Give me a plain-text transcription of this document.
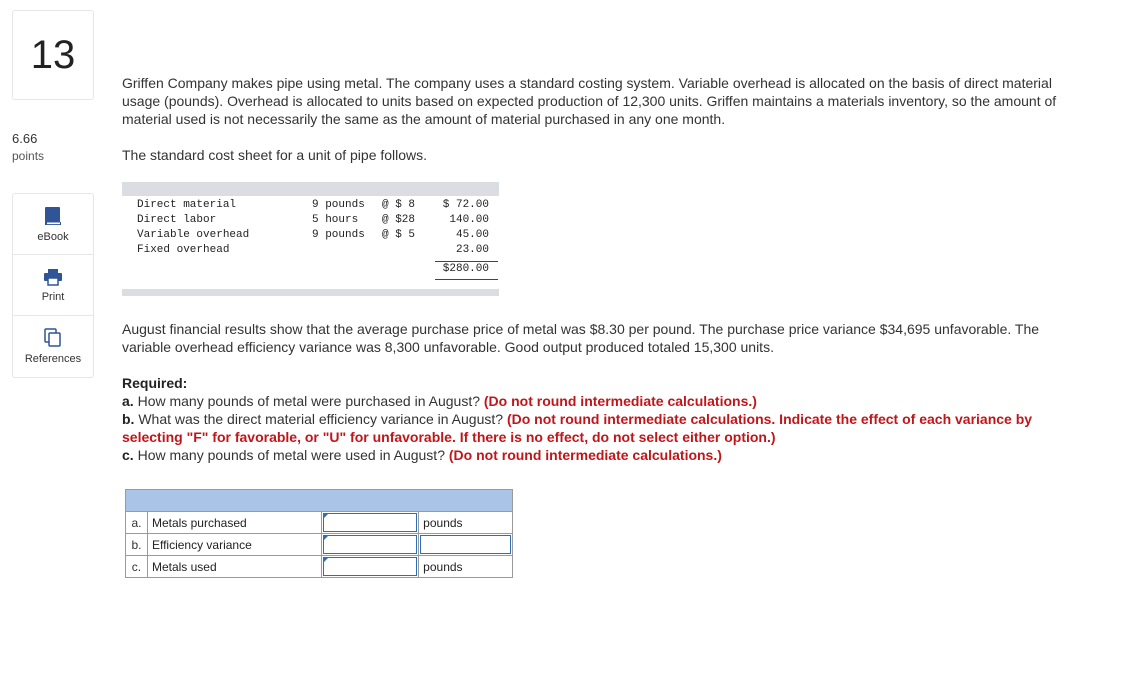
13
6.66
points
eBook
Print
References

Griffen Company makes pipe using metal. The company uses a standard costing system. Variable overhead is allocated on the basis of direct material usage (pounds). Overhead is allocated to units based on expected production of 12,300 units. Griffen maintains a materials inventory, so the amount of material used is not necessarily the same as the amount of material purchased in any one month.

The standard cost sheet for a unit of pipe follows.

Direct material	9 pounds @ $ 8	$ 72.00
Direct labor	5 hours @ $28	140.00
Variable overhead	9 pounds @ $ 5	45.00
Fixed overhead	23.00
$280.00

August financial results show that the average purchase price of metal was $8.30 per pound. The purchase price variance $34,695 unfavorable. The variable overhead efficiency variance was 8,300 unfavorable. Good output produced totaled 15,300 units.

Required:
a. How many pounds of metal were purchased in August? (Do not round intermediate calculations.)
b. What was the direct material efficiency variance in August? (Do not round intermediate calculations. Indicate the effect of each variance by selecting "F" for favorable, or "U" for unfavorable. If there is no effect, do not select either option.)
c. How many pounds of metal were used in August? (Do not round intermediate calculations.)

a.	Metals purchased		pounds
b.	Efficiency variance	

c.	Metals used		pounds
